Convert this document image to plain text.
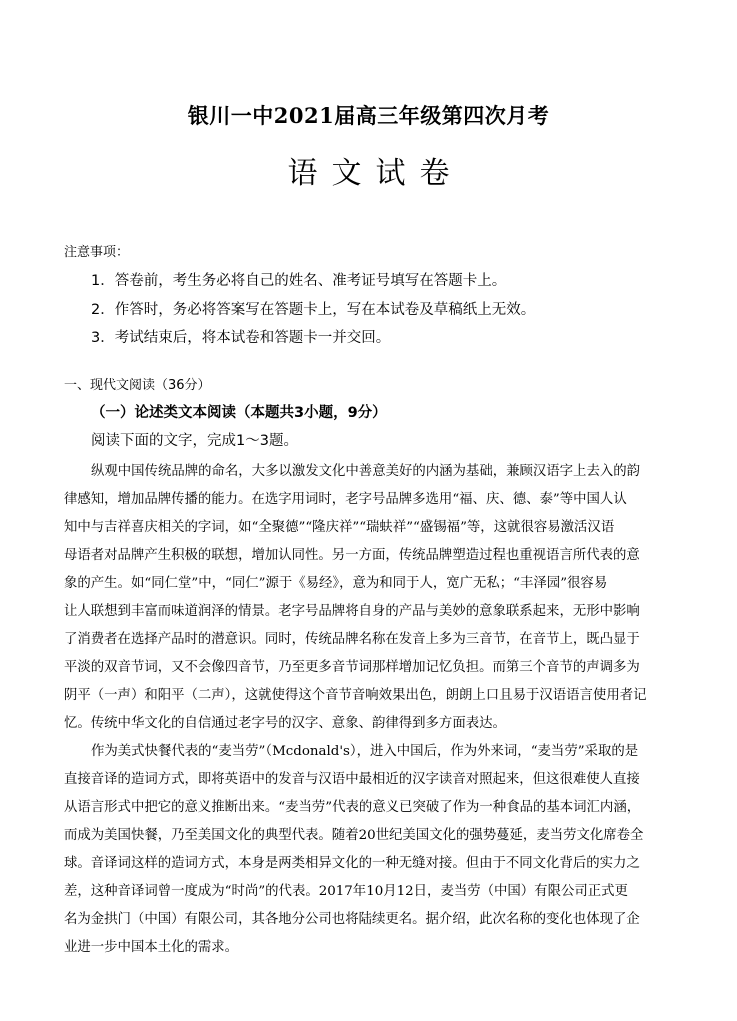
银川一中2021届高三年级第四次月考
语文试卷
注意事项：
1．答卷前，考生务必将自己的姓名、准考证号填写在答题卡上。
2．作答时，务必将答案写在答题卡上，写在本试卷及草稿纸上无效。
3．考试结束后，将本试卷和答题卡一并交回。
一、现代文阅读（36分）
（一）论述类文本阅读（本题共3小题，9分）
阅读下面的文字，完成1～3题。
纵观中国传统品牌的命名，大多以激发文化中善意美好的内涵为基础，兼顾汉语字上去入的韵
律感知，增加品牌传播的能力。在选字用词时，老字号品牌多选用“福、庆、德、泰”等中国人认
知中与吉祥喜庆相关的字词，如“全聚德”“隆庆祥”“瑞蚨祥”“盛锡福”等，这就很容易激活汉语
母语者对品牌产生积极的联想，增加认同性。另一方面，传统品牌塑造过程也重视语言所代表的意
象的产生。如“同仁堂”中，“同仁”源于《易经》，意为和同于人，宽广无私；“丰泽园”很容易
让人联想到丰富而味道润泽的情景。老字号品牌将自身的产品与美妙的意象联系起来，无形中影响
了消费者在选择产品时的潜意识。同时，传统品牌名称在发音上多为三音节，在音节上，既凸显于
平淡的双音节词，又不会像四音节，乃至更多音节词那样增加记忆负担。而第三个音节的声调多为
阴平（一声）和阳平（二声），这就使得这个音节音响效果出色，朗朗上口且易于汉语语言使用者记
忆。传统中华文化的自信通过老字号的汉字、意象、韵律得到多方面表达。
作为美式快餐代表的“麦当劳”（Mcdonald's），进入中国后，作为外来词，“麦当劳”采取的是
直接音译的造词方式，即将英语中的发音与汉语中最相近的汉字读音对照起来，但这很难使人直接
从语言形式中把它的意义推断出来。“麦当劳”代表的意义已突破了作为一种食品的基本词汇内涵，
而成为美国快餐，乃至美国文化的典型代表。随着20世纪美国文化的强势蔓延，麦当劳文化席卷全
球。音译词这样的造词方式，本身是两类相异文化的一种无缝对接。但由于不同文化背后的实力之
差，这种音译词曾一度成为“时尚”的代表。2017年10月12日，麦当劳（中国）有限公司正式更
名为金拱门（中国）有限公司，其各地分公司也将陆续更名。据介绍，此次名称的变化也体现了企
业进一步中国本土化的需求。
